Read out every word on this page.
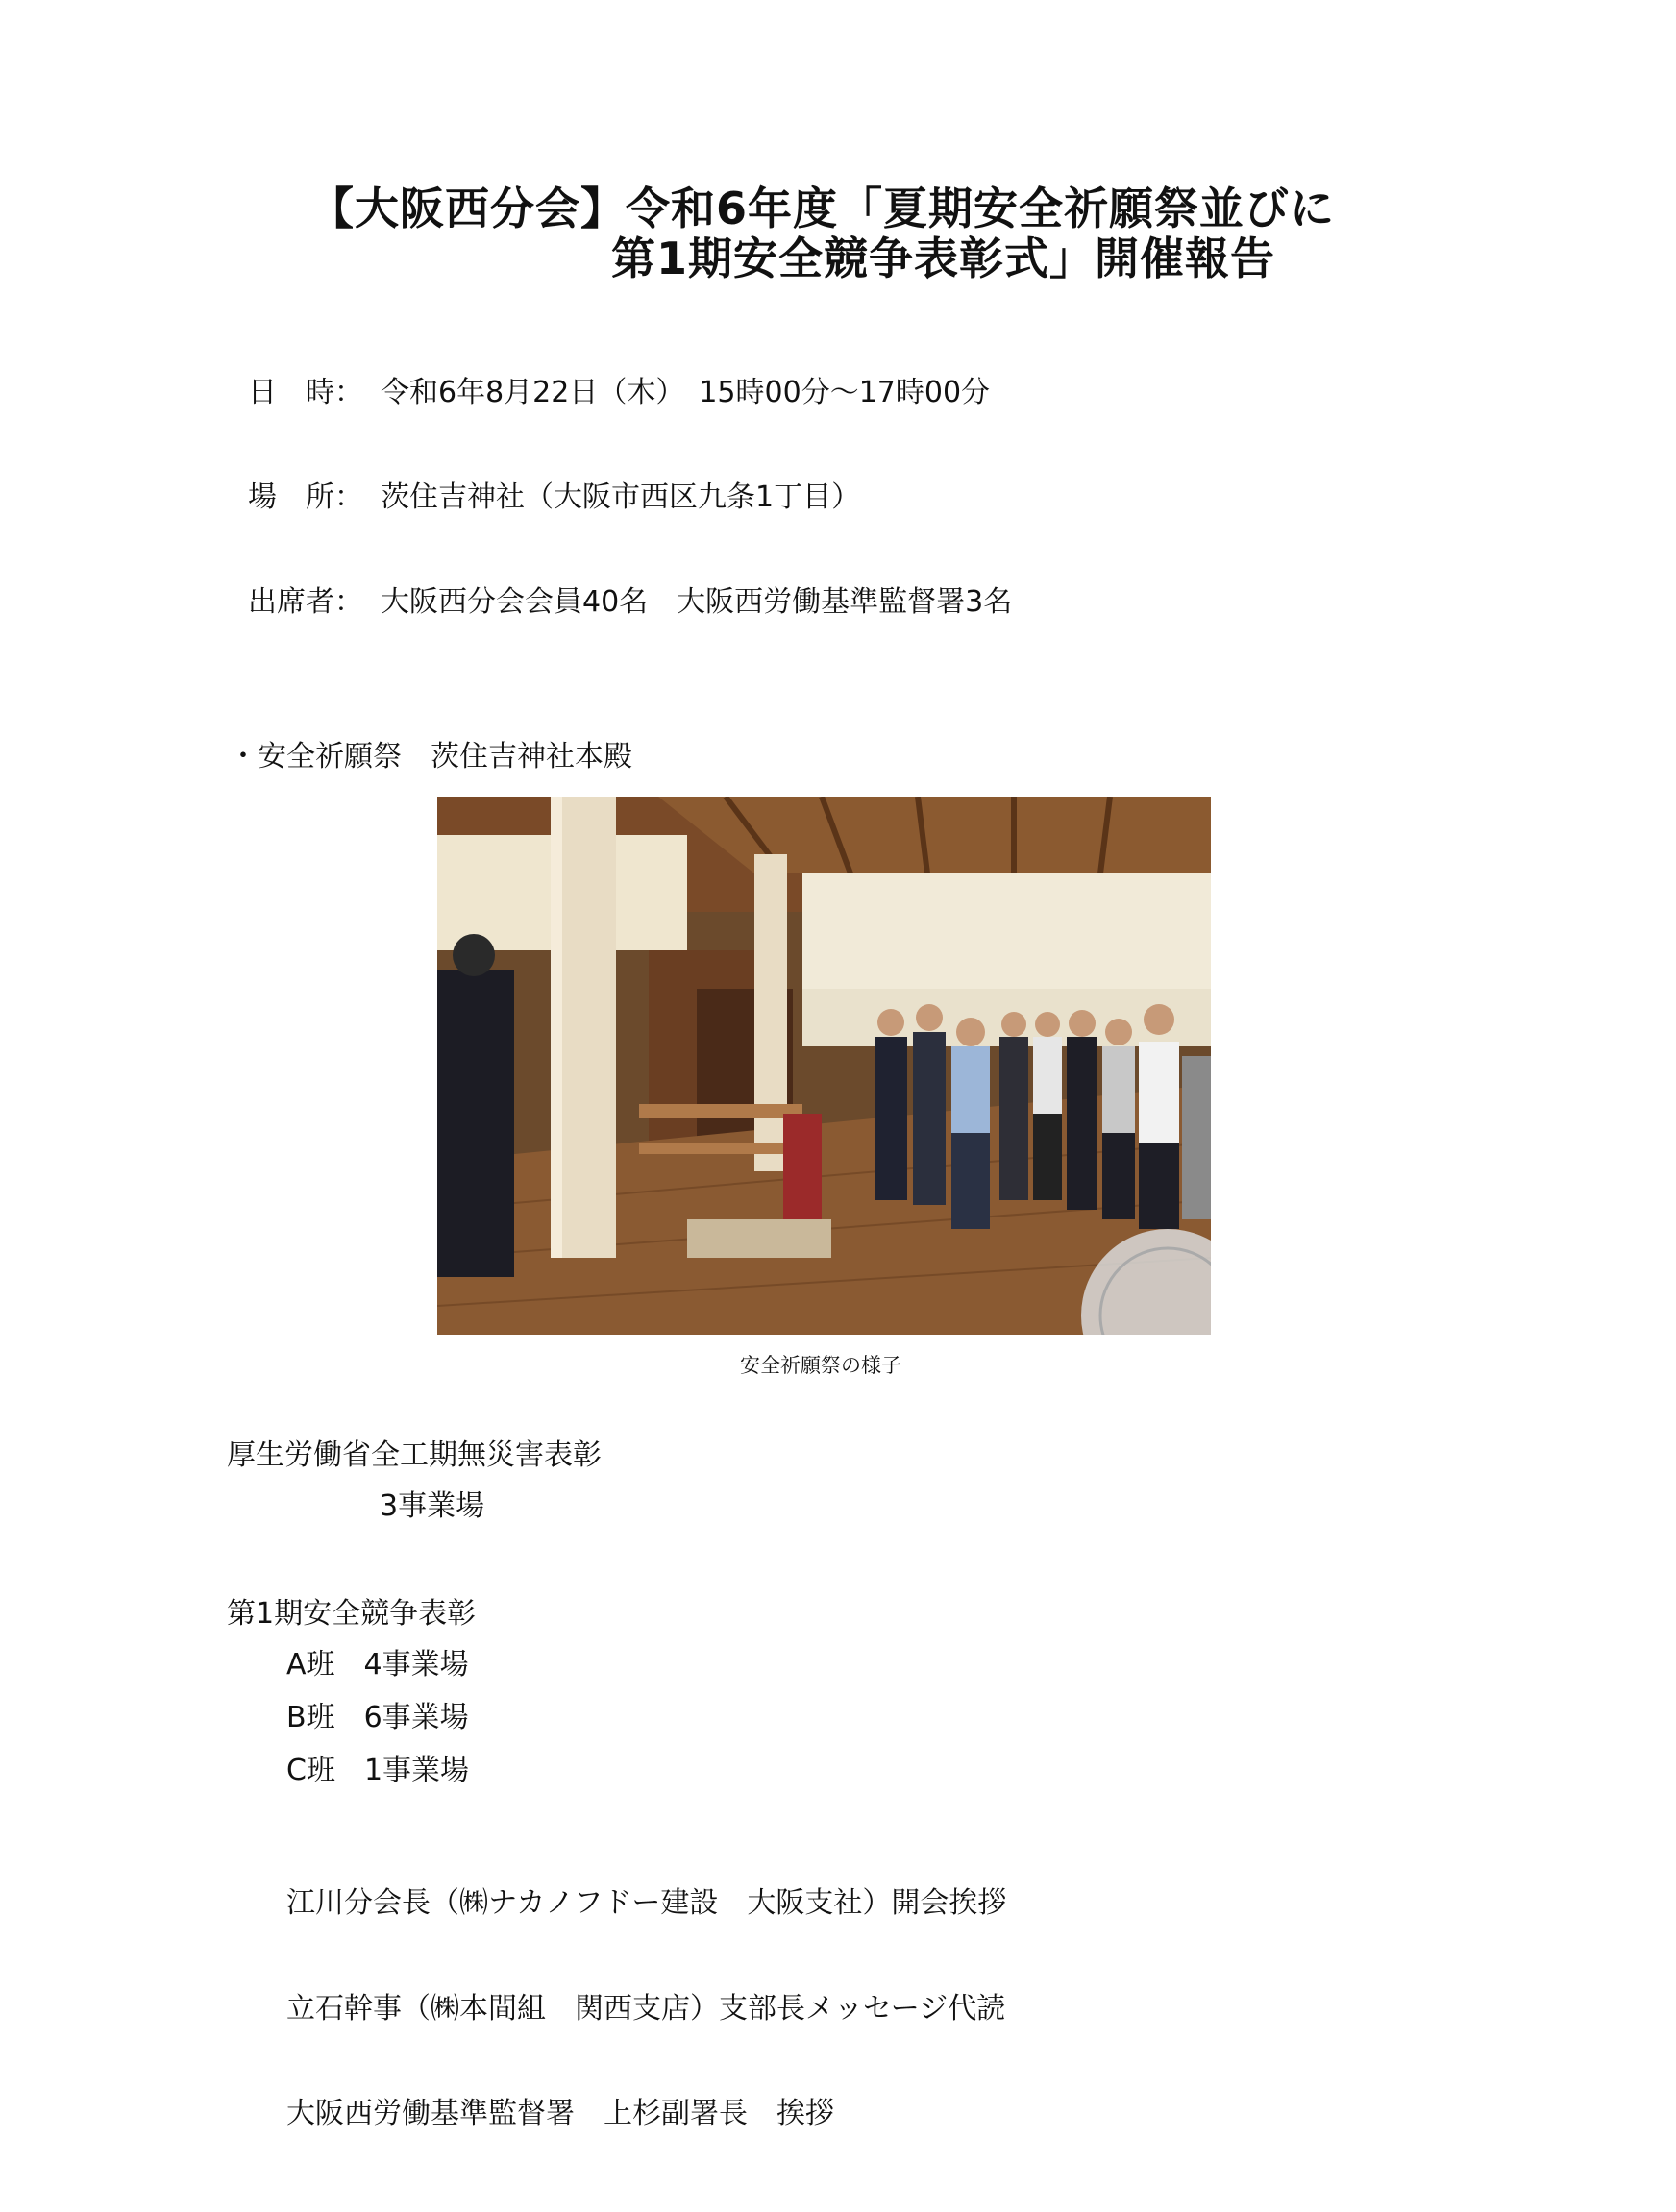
【大阪西分会】令和6年度「夏期安全祈願祭並びに
第1期安全競争表彰式」開催報告
日　時： 令和6年8月22日（木）　15時00分～17時00分
場　所： 茨住吉神社（大阪市西区九条1丁目）
出席者： 大阪西分会会員40名　大阪西労働基準監督署3名
・安全祈願祭　茨住吉神社本殿
安全祈願祭の様子
厚生労働省全工期無災害表彰
3事業場
第1期安全競争表彰
A班　4事業場
B班　6事業場
C班　1事業場
江川分会長（㈱ナカノフドー建設　大阪支社）開会挨拶
立石幹事（㈱本間組　関西支店）支部長メッセージ代読
大阪西労働基準監督署　上杉副署長　挨拶
